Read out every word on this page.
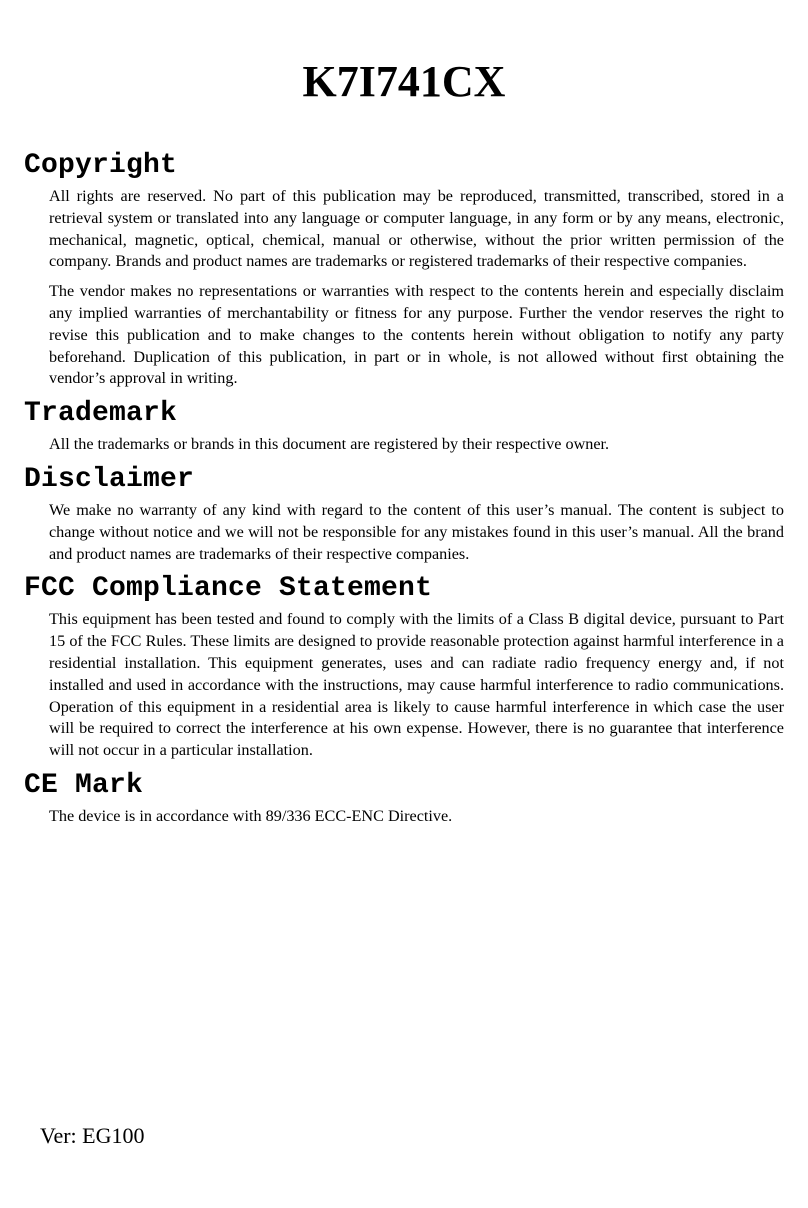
K7I741CX
Copyright

All rights are reserved. No part of this publication may be reproduced, transmitted, transcribed, stored in a retrieval system or translated into any language or computer language, in any form or by any means, electronic, mechanical, magnetic, optical, chemical, manual or otherwise, without the prior written permission of the company. Brands and product names are trademarks or registered trademarks of their respective companies.

The vendor makes no representations or warranties with respect to the contents herein and especially disclaim any implied warranties of merchantability or fitness for any purpose. Further the vendor reserves the right to revise this publication and to make changes to the contents herein without obligation to notify any party beforehand. Duplication of this publication, in part or in whole, is not allowed without first obtaining the vendor’s approval in writing.

Trademark

All the trademarks or brands in this document are registered by their respective owner.

Disclaimer

We make no warranty of any kind with regard to the content of this user’s manual. The content is subject to change without notice and we will not be responsible for any mistakes found in this user’s manual. All the brand and product names are trademarks of their respective companies.

FCC Compliance Statement

This equipment has been tested and found to comply with the limits of a Class B digital device, pursuant to Part 15 of the FCC Rules. These limits are designed to provide reasonable protection against harmful interference in a residential installation. This equipment generates, uses and can radiate radio frequency energy and, if not installed and used in accordance with the instructions, may cause harmful interference to radio communications. Operation of this equipment in a residential area is likely to cause harmful interference in which case the user will be required to correct the interference at his own expense. However, there is no guarantee that interference will not occur in a particular installation.

CE Mark

The device is in accordance with 89/336 ECC-ENC Directive.

Ver: EG100
